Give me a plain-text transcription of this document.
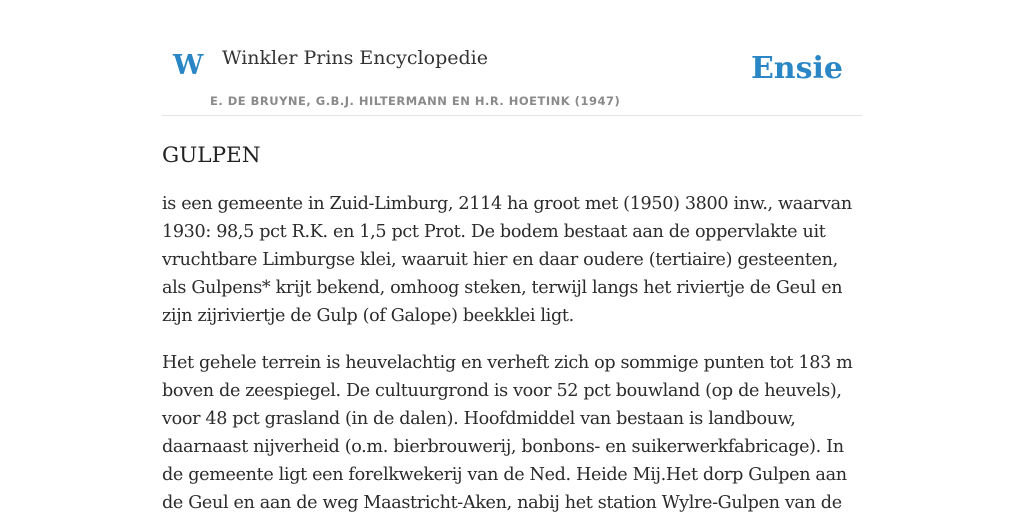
W Winkler Prins Encyclopedie
E. DE BRUYNE, G.B.J. HILTERMANN EN H.R. HOETINK (1947)
Ensie
GULPEN

is een gemeente in Zuid-Limburg, 2114 ha groot met (1950) 3800 inw., waarvan 1930: 98,5 pct R.K. en 1,5 pct Prot. De bodem bestaat aan de oppervlakte uit vruchtbare Limburgse klei, waaruit hier en daar oudere (tertiaire) gesteenten, als Gulpens* krijt bekend, omhoog steken, terwijl langs het riviertje de Geul en zijn zijriviertje de Gulp (of Galope) beekklei ligt.

Het gehele terrein is heuvelachtig en verheft zich op sommige punten tot 183 m boven de zeespiegel. De cultuurgrond is voor 52 pct bouwland (op de heuvels), voor 48 pct grasland (in de dalen). Hoofdmiddel van bestaan is landbouw, daarnaast nijverheid (o.m. bierbrouwerij, bonbons- en suikerwerkfabricage). In de gemeente ligt een forelkwekerij van de Ned. Heide Mij.Het dorp Gulpen aan de Geul en aan de weg Maastricht-Aken, nabij het station Wylre-Gulpen van de
